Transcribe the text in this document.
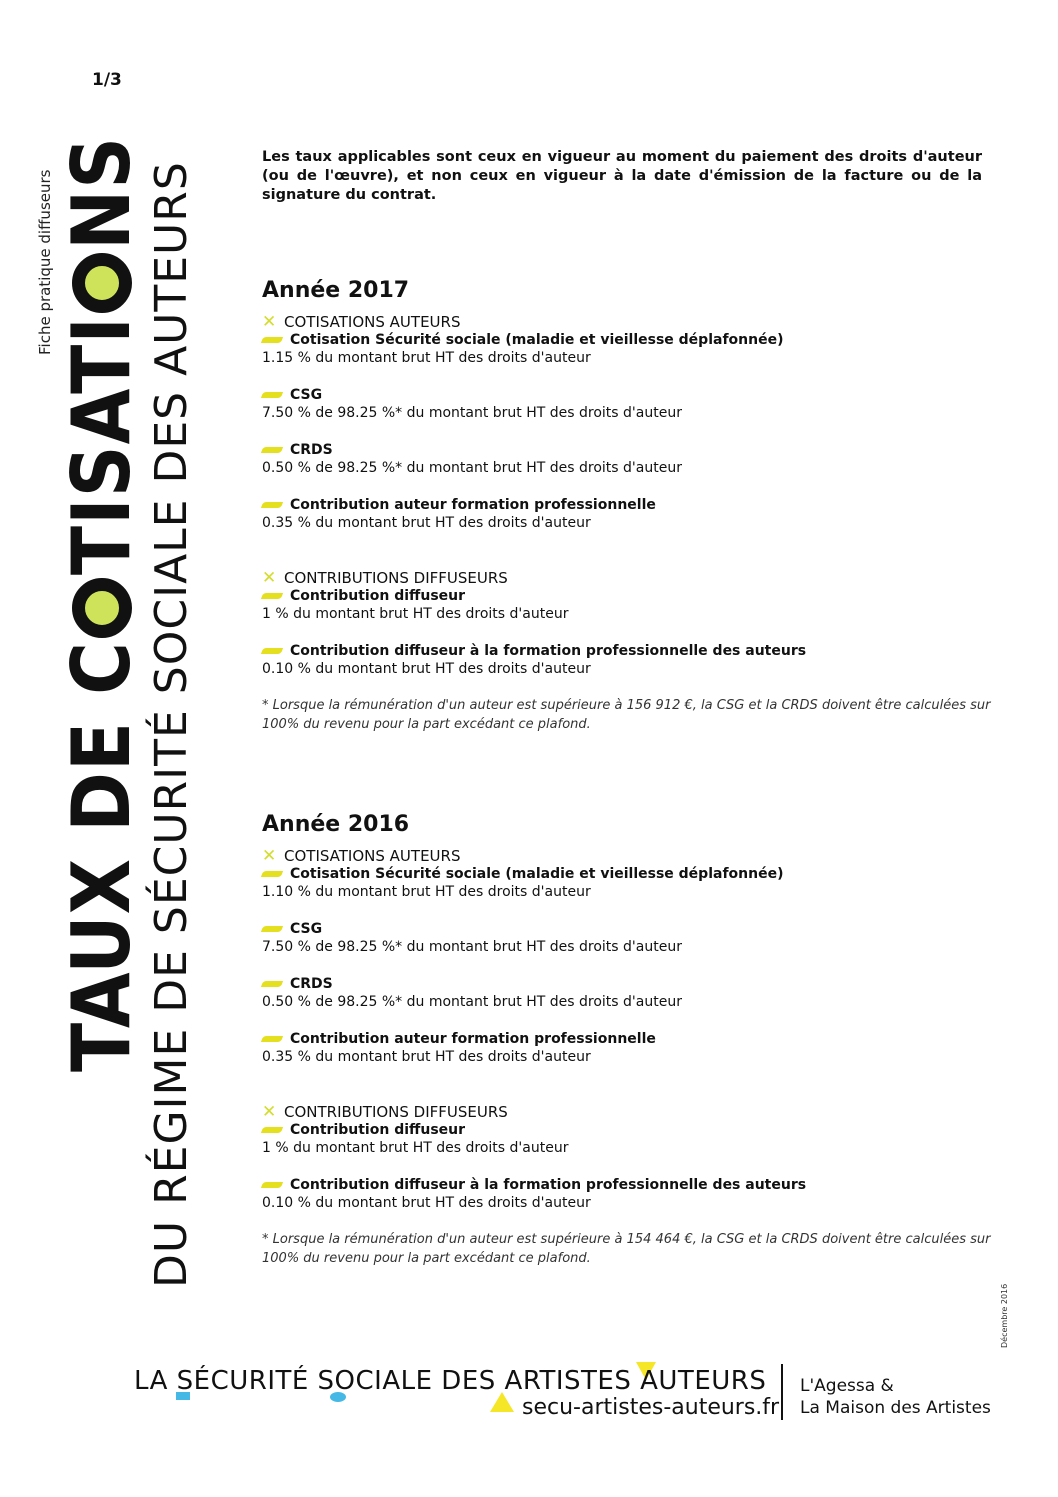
1/3
Fiche pratique diffuseurs
TAUX DE C
TISATI
NS
DU RÉGIME DE SÉCURITÉ SOCIALE DES AUTEURS

Les taux applicables sont ceux en vigueur au moment du paiement des droits d'auteur (ou de l'œuvre), et non ceux en vigueur à la date d'émission de la facture ou de la signature du contrat.

Année 2017
✕ COTISATIONS AUTEURS
Cotisation Sécurité sociale (maladie et vieillesse déplafonnée)
1.15 % du montant brut HT des droits d'auteur
CSG
7.50 % de 98.25 %* du montant brut HT des droits d'auteur
CRDS
0.50 % de 98.25 %* du montant brut HT des droits d'auteur
Contribution auteur formation professionnelle
0.35 % du montant brut HT des droits d'auteur
✕ CONTRIBUTIONS DIFFUSEURS
Contribution diffuseur
1 % du montant brut HT des droits d'auteur
Contribution diffuseur à la formation professionnelle des auteurs
0.10 % du montant brut HT des droits d'auteur
* Lorsque la rémunération d'un auteur est supérieure à 156 912 €, la CSG et la CRDS doivent être calculées sur 100% du revenu pour la part excédant ce plafond.
Année 2016
✕ COTISATIONS AUTEURS
Cotisation Sécurité sociale (maladie et vieillesse déplafonnée)
1.10 % du montant brut HT des droits d'auteur
CSG
7.50 % de 98.25 %* du montant brut HT des droits d'auteur
CRDS
0.50 % de 98.25 %* du montant brut HT des droits d'auteur
Contribution auteur formation professionnelle
0.35 % du montant brut HT des droits d'auteur
✕ CONTRIBUTIONS DIFFUSEURS
Contribution diffuseur
1 % du montant brut HT des droits d'auteur
Contribution diffuseur à la formation professionnelle des auteurs
0.10 % du montant brut HT des droits d'auteur
* Lorsque la rémunération d'un auteur est supérieure à 154 464 €, la CSG et la CRDS doivent être calculées sur 100% du revenu pour la part excédant ce plafond.
Décembre 2016
LA SÉCURITÉ SOCIALE DES ARTISTES AUTEURS
secu-artistes-auteurs.fr
L'Agessa &
La Maison des Artistes
